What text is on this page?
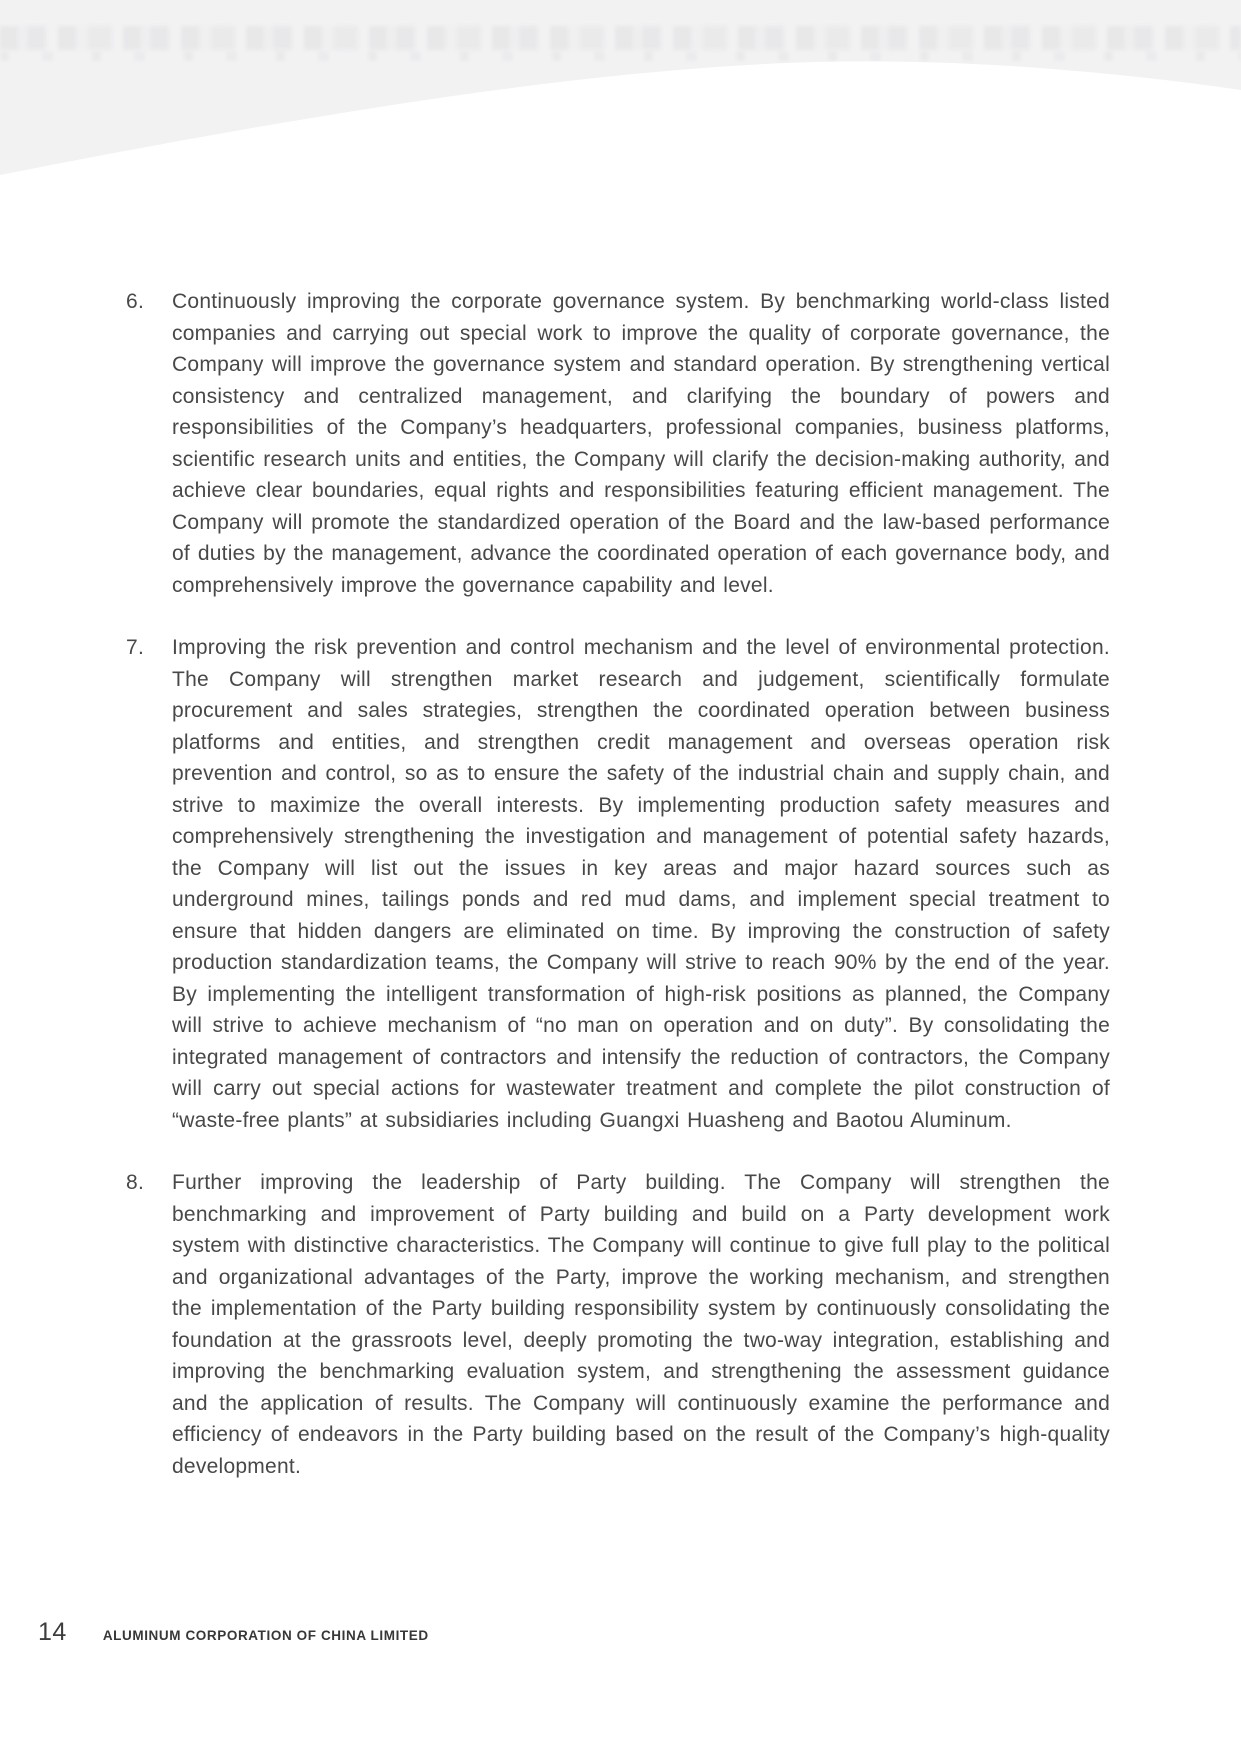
6.	Continuously improving the corporate governance system. By benchmarking world-class listed companies and carrying out special work to improve the quality of corporate governance, the Company will improve the governance system and standard operation. By strengthening vertical consistency and centralized management, and clarifying the boundary of powers and responsibilities of the Company’s headquarters, professional companies, business platforms, scientific research units and entities, the Company will clarify the decision-making authority, and achieve clear boundaries, equal rights and responsibilities featuring efficient management. The Company will promote the standardized operation of the Board and the law-based performance of duties by the management, advance the coordinated operation of each governance body, and comprehensively improve the governance capability and level.
7.	Improving the risk prevention and control mechanism and the level of environmental protection. The Company will strengthen market research and judgement, scientifically formulate procurement and sales strategies, strengthen the coordinated operation between business platforms and entities, and strengthen credit management and overseas operation risk prevention and control, so as to ensure the safety of the industrial chain and supply chain, and strive to maximize the overall interests. By implementing production safety measures and comprehensively strengthening the investigation and management of potential safety hazards, the Company will list out the issues in key areas and major hazard sources such as underground mines, tailings ponds and red mud dams, and implement special treatment to ensure that hidden dangers are eliminated on time. By improving the construction of safety production standardization teams, the Company will strive to reach 90% by the end of the year. By implementing the intelligent transformation of high-risk positions as planned, the Company will strive to achieve mechanism of “no man on operation and on duty”. By consolidating the integrated management of contractors and intensify the reduction of contractors, the Company will carry out special actions for wastewater treatment and complete the pilot construction of “waste-free plants” at subsidiaries including Guangxi Huasheng and Baotou Aluminum.
8.	Further improving the leadership of Party building. The Company will strengthen the benchmarking and improvement of Party building and build on a Party development work system with distinctive characteristics. The Company will continue to give full play to the political and organizational advantages of the Party, improve the working mechanism, and strengthen the implementation of the Party building responsibility system by continuously consolidating the foundation at the grassroots level, deeply promoting the two-way integration, establishing and improving the benchmarking evaluation system, and strengthening the assessment guidance and the application of results. The Company will continuously examine the performance and efficiency of endeavors in the Party building based on the result of the Company’s high-quality development.
14	ALUMINUM CORPORATION OF CHINA LIMITED
